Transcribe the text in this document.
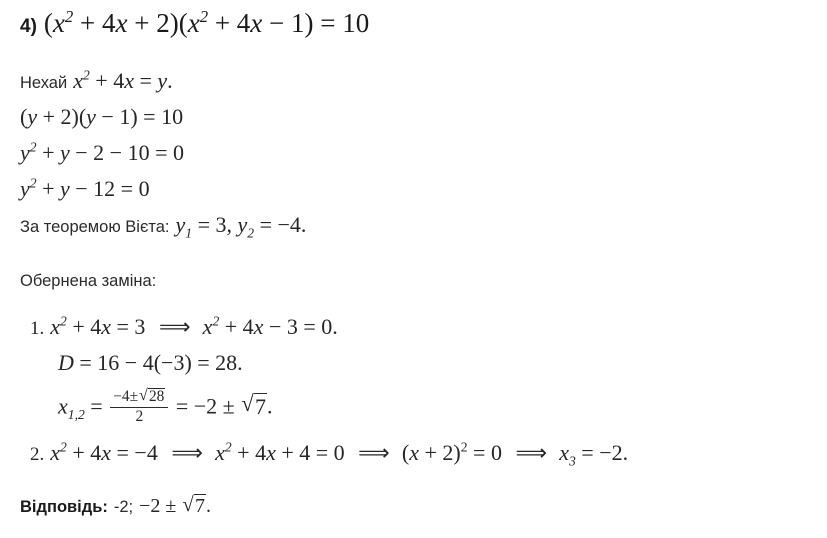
4) $(x^2 + 4x + 2)(x^2 + 4x - 1) = 10$
Нехай $x^2 + 4x = y$.
(y + 2)(y − 1) = 10
$y^2 + y - 2 - 10 = 0$
$y^2 + y - 12 = 0$
За теоремою Вієта: $y_1 = 3$, $y_2 = -4$.
Обернена заміна:
1. $x^2 + 4x = 3$ ⟹ $x^2 + 4x - 3 = 0$.
D = 16 − 4(−3) = 28.
$x_{1,2} = \frac{-4\pm √ 28}{2} = -2$ ± √ 7.
2. $x^2 + 4x = -4$ ⟹ $x^2 + 4x + 4 = 0$ ⟹ $(x + 2)^2 = 0$ ⟹ $x_3 = -2$.
Відповідь: -2; −2 ± √ 7.
